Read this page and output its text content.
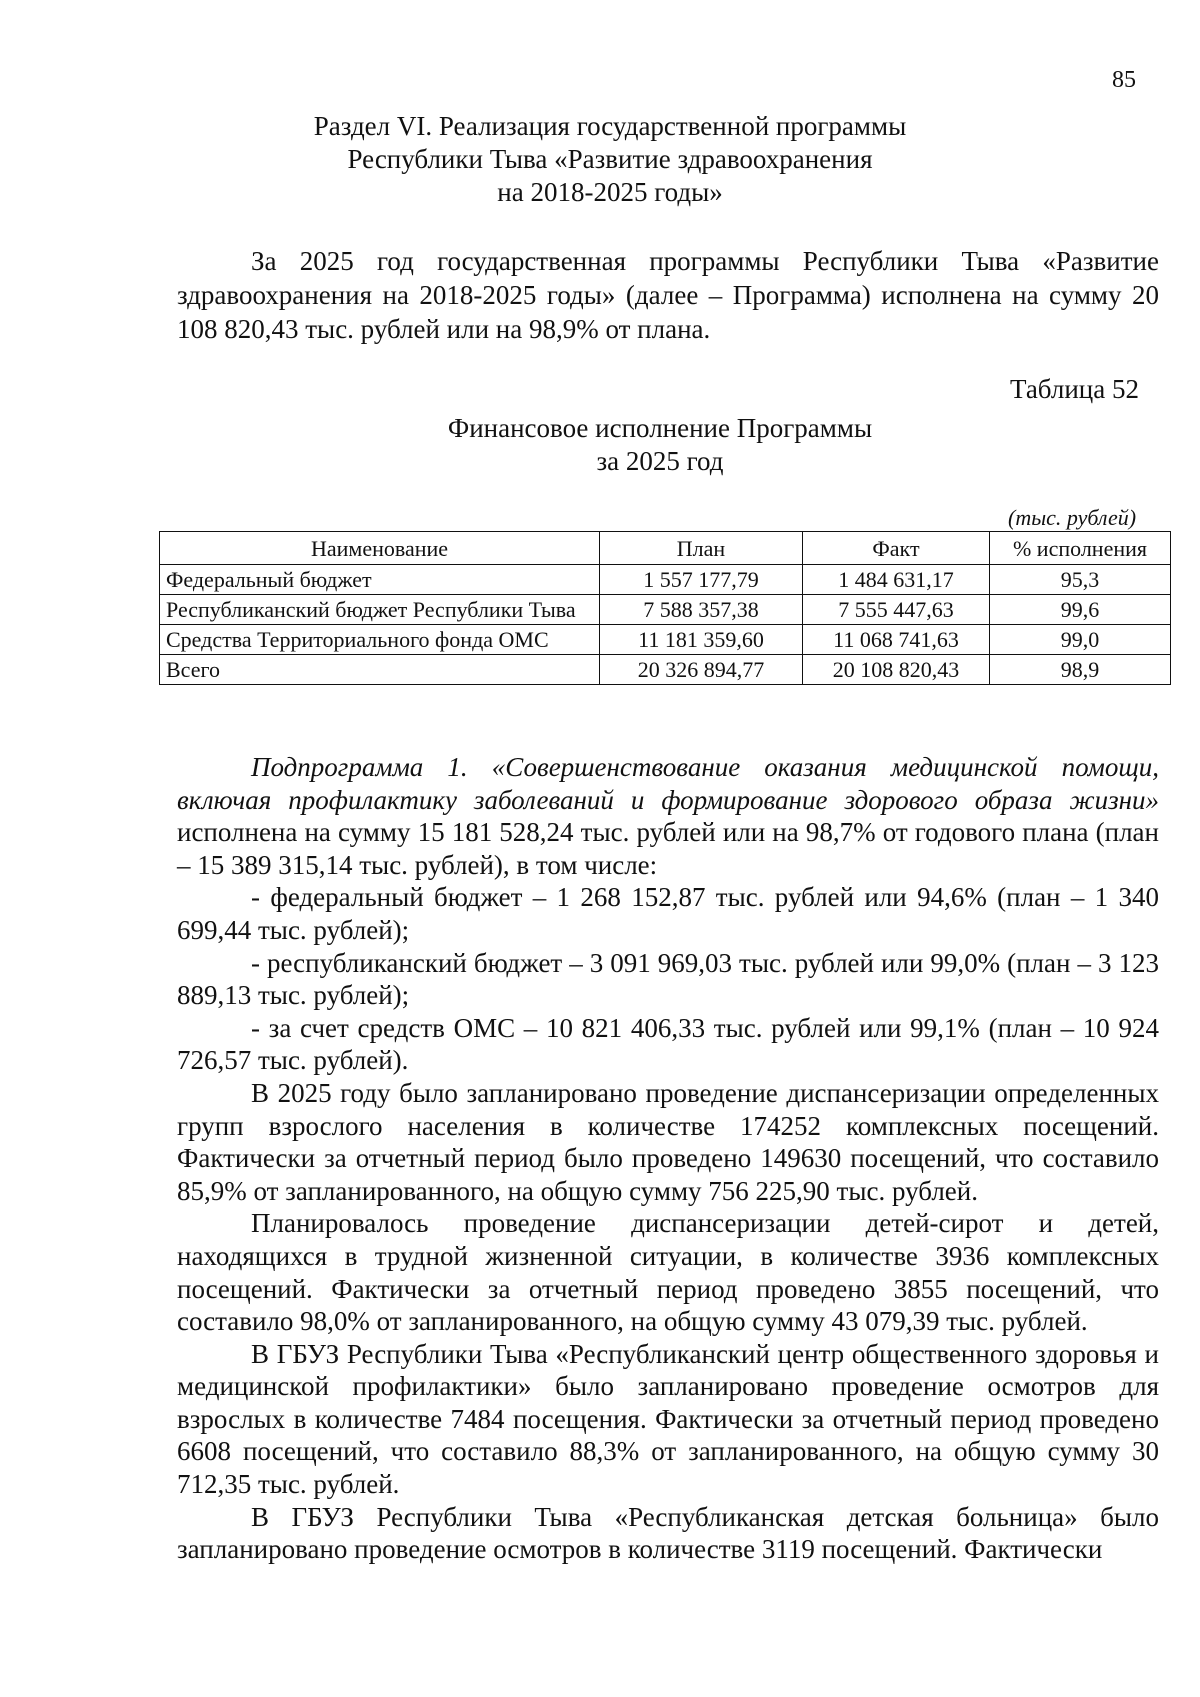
85
Раздел VI. Реализация государственной программы
Республики Тыва «Развитие здравоохранения
на 2018-2025 годы»

За 2025 год государственная программы Республики Тыва «Развитие здравоохранения на 2018-2025 годы» (далее – Программа) исполнена на сумму 20 108 820,43 тыс. рублей или на 98,9% от плана.

Таблица 52
Финансовое исполнение Программы
за 2025 год
(тыс. рублей)
Наименование	План	Факт	% исполнения
Федеральный бюджет	1 557 177,79	1 484 631,17	95,3
Республиканский бюджет Республики Тыва	7 588 357,38	7 555 447,63	99,6
Средства Территориального фонда ОМС	11 181 359,60	11 068 741,63	99,0
Всего	20 326 894,77	20 108 820,43	98,9

Подпрограмма 1. «Совершенствование оказания медицинской помощи, включая профилактику заболеваний и формирование здорового образа жизни» исполнена на сумму 15 181 528,24 тыс. рублей или на 98,7% от годового плана (план – 15 389 315,14 тыс. рублей), в том числе:

- федеральный бюджет – 1 268 152,87 тыс. рублей или 94,6% (план – 1 340 699,44 тыс. рублей);

- республиканский бюджет – 3 091 969,03 тыс. рублей или 99,0% (план – 3 123 889,13 тыс. рублей);

- за счет средств ОМС – 10 821 406,33 тыс. рублей или 99,1% (план – 10 924 726,57 тыс. рублей).

В 2025 году было запланировано проведение диспансеризации определенных групп взрослого населения в количестве 174252 комплексных посещений. Фактически за отчетный период было проведено 149630 посещений, что составило 85,9% от запланированного, на общую сумму 756 225,90 тыс. рублей.

Планировалось проведение диспансеризации детей-сирот и детей, находящихся в трудной жизненной ситуации, в количестве 3936 комплексных посещений. Фактически за отчетный период проведено 3855 посещений, что составило 98,0% от запланированного, на общую сумму 43 079,39 тыс. рублей.

В ГБУЗ Республики Тыва «Республиканский центр общественного здоровья и медицинской профилактики» было запланировано проведение осмотров для взрослых в количестве 7484 посещения. Фактически за отчетный период проведено 6608 посещений, что составило 88,3% от запланированного, на общую сумму 30 712,35 тыс. рублей.

В ГБУЗ Республики Тыва «Республиканская детская больница» было запланировано проведение осмотров в количестве 3119 посещений. Фактически
